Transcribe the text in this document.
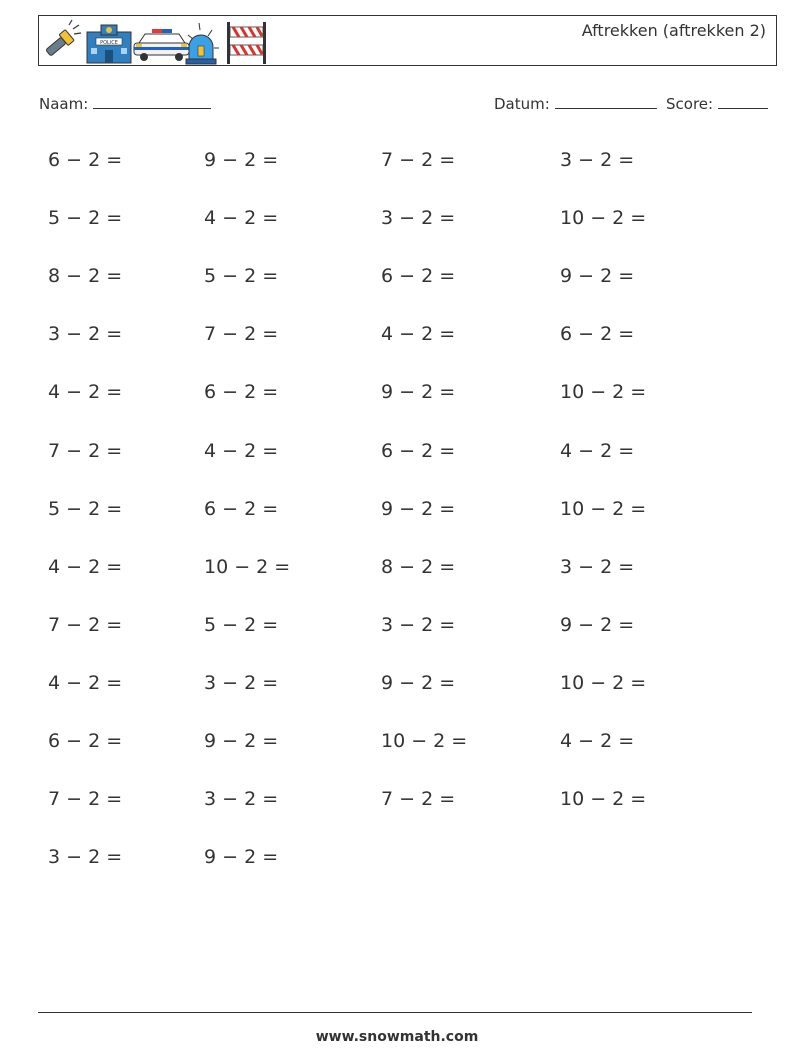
POLICE
Aftrekken (aftrekken 2)
Naam:	Datum:	Score:
6 − 2 =	9 − 2 =	7 − 2 =	3 − 2 =
5 − 2 =	4 − 2 =	3 − 2 =	10 − 2 =
8 − 2 =	5 − 2 =	6 − 2 =	9 − 2 =
3 − 2 =	7 − 2 =	4 − 2 =	6 − 2 =
4 − 2 =	6 − 2 =	9 − 2 =	10 − 2 =
7 − 2 =	4 − 2 =	6 − 2 =	4 − 2 =
5 − 2 =	6 − 2 =	9 − 2 =	10 − 2 =
4 − 2 =	10 − 2 =	8 − 2 =	3 − 2 =
7 − 2 =	5 − 2 =	3 − 2 =	9 − 2 =
4 − 2 =	3 − 2 =	9 − 2 =	10 − 2 =
6 − 2 =	9 − 2 =	10 − 2 =	4 − 2 =
7 − 2 =	3 − 2 =	7 − 2 =	10 − 2 =
3 − 2 =	9 − 2 =
www.snowmath.com
